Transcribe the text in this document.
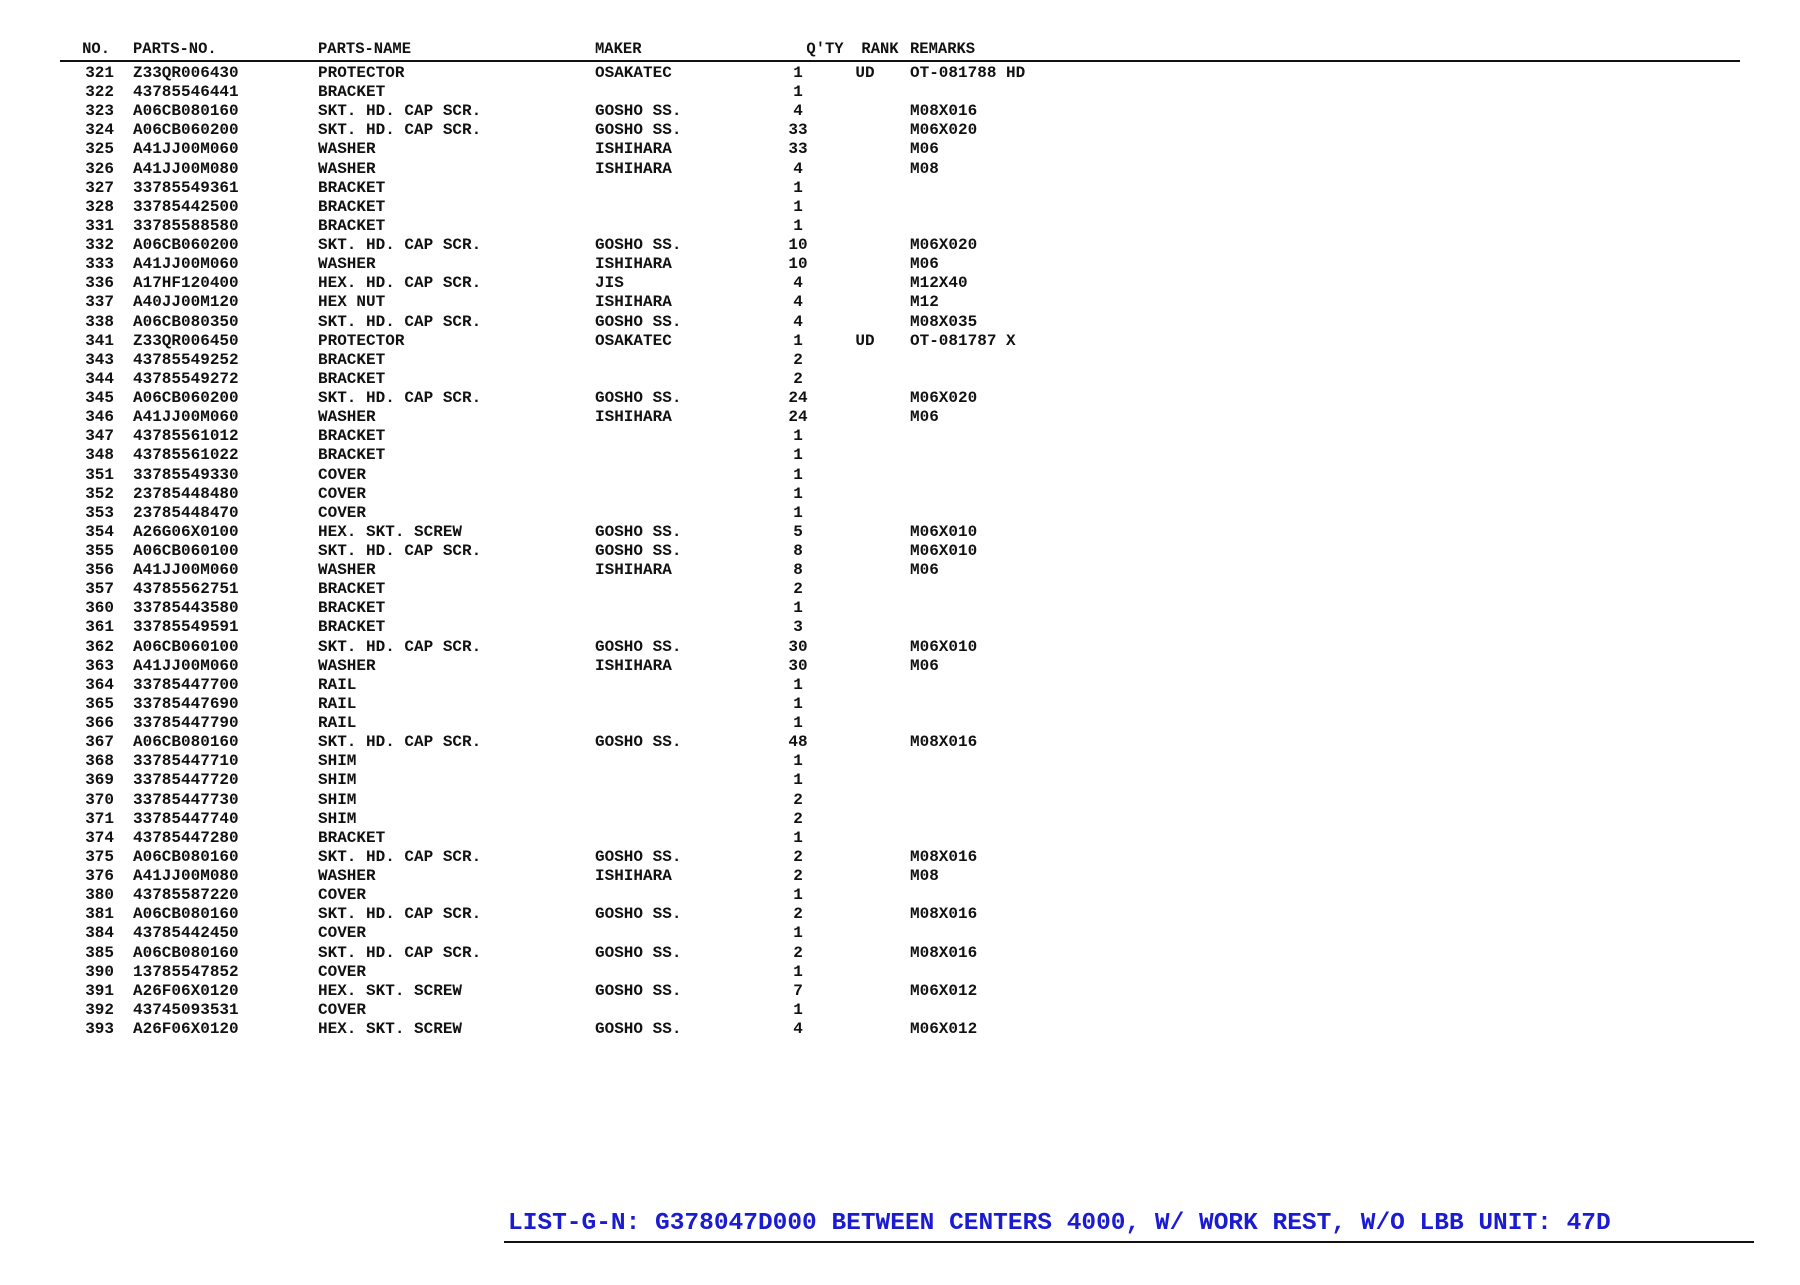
NO. PARTS-NO.	PARTS-NAME	MAKER	Q'TY	RANK REMARKS
321 Z33QR006430	PROTECTOR	OSAKATEC	1	UD	OT-081788 HD
322 43785546441	BRACKET	1
323 A06CB080160	SKT. HD. CAP SCR.	GOSHO SS.	4	M08X016
324 A06CB060200	SKT. HD. CAP SCR.	GOSHO SS.	33	M06X020
325 A41JJ00M060	WASHER	ISHIHARA	33	M06
326 A41JJ00M080	WASHER	ISHIHARA	4	M08
327 33785549361	BRACKET	1
328 33785442500	BRACKET	1
331 33785588580	BRACKET	1
332 A06CB060200	SKT. HD. CAP SCR.	GOSHO SS.	10	M06X020
333 A41JJ00M060	WASHER	ISHIHARA	10	M06
336 A17HF120400	HEX. HD. CAP SCR.	JIS	4	M12X40
337 A40JJ00M120	HEX NUT	ISHIHARA	4	M12
338 A06CB080350	SKT. HD. CAP SCR.	GOSHO SS.	4	M08X035
341 Z33QR006450	PROTECTOR	OSAKATEC	1	UD	OT-081787 X
343 43785549252	BRACKET	2
344 43785549272	BRACKET	2
345 A06CB060200	SKT. HD. CAP SCR.	GOSHO SS.	24	M06X020
346 A41JJ00M060	WASHER	ISHIHARA	24	M06
347 43785561012	BRACKET	1
348 43785561022	BRACKET	1
351 33785549330	COVER	1
352 23785448480	COVER	1
353 23785448470	COVER	1
354 A26G06X0100	HEX. SKT. SCREW	GOSHO SS.	5	M06X010
355 A06CB060100	SKT. HD. CAP SCR.	GOSHO SS.	8	M06X010
356 A41JJ00M060	WASHER	ISHIHARA	8	M06
357 43785562751	BRACKET	2
360 33785443580	BRACKET	1
361 33785549591	BRACKET	3
362 A06CB060100	SKT. HD. CAP SCR.	GOSHO SS.	30	M06X010
363 A41JJ00M060	WASHER	ISHIHARA	30	M06
364 33785447700	RAIL	1
365 33785447690	RAIL	1
366 33785447790	RAIL	1
367 A06CB080160	SKT. HD. CAP SCR.	GOSHO SS.	48	M08X016
368 33785447710	SHIM	1
369 33785447720	SHIM	1
370 33785447730	SHIM	2
371 33785447740	SHIM	2
374 43785447280	BRACKET	1
375 A06CB080160	SKT. HD. CAP SCR.	GOSHO SS.	2	M08X016
376 A41JJ00M080	WASHER	ISHIHARA	2	M08
380 43785587220	COVER	1
381 A06CB080160	SKT. HD. CAP SCR.	GOSHO SS.	2	M08X016
384 43785442450	COVER	1
385 A06CB080160	SKT. HD. CAP SCR.	GOSHO SS.	2	M08X016
390 13785547852	COVER	1
391 A26F06X0120	HEX. SKT. SCREW	GOSHO SS.	7	M06X012
392 43745093531	COVER	1
393 A26F06X0120	HEX. SKT. SCREW	GOSHO SS.	4	M06X012
LIST-G-N: G378047D000 BETWEEN CENTERS 4000, W/ WORK REST, W/O LBB UNIT: 47D
